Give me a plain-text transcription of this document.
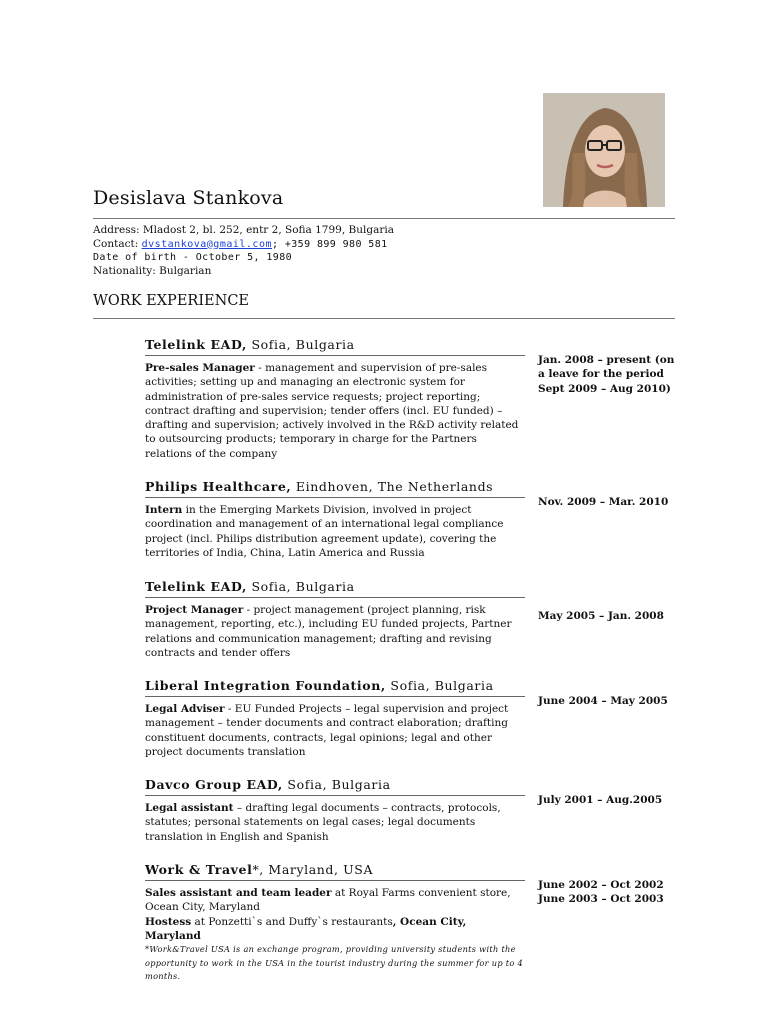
Desislava Stankova
Address: Mladost 2, bl. 252, entr 2, Sofia 1799, Bulgaria
Contact: dvstankova@gmail.com; +359 899 980 581
Date of birth - October 5, 1980
Nationality: Bulgarian
WORK EXPERIENCE
Telelink EAD, Sofia, Bulgaria
Pre-sales Manager - management and supervision of pre-sales activities; setting up and managing an electronic system for administration of pre-sales service requests; project reporting; contract drafting and supervision; tender offers (incl. EU funded) – drafting and supervision; actively involved in the R&D activity related to outsourcing products; temporary in charge for the Partners relations of the company
Jan. 2008 – present (on a leave for the period Sept 2009 – Aug 2010)
Philips Healthcare, Eindhoven, The Netherlands
Intern in the Emerging Markets Division, involved in project coordination and management of an international legal compliance project (incl. Philips distribution agreement update), covering the territories of India, China, Latin America and Russia
Nov. 2009 – Mar. 2010
Telelink EAD, Sofia, Bulgaria
Project Manager - project management (project planning, risk management, reporting, etc.), including EU funded projects, Partner relations and communication management; drafting and revising contracts and tender offers
May 2005 – Jan. 2008
Liberal Integration Foundation, Sofia, Bulgaria
Legal Adviser - EU Funded Projects – legal supervision and project management – tender documents and contract elaboration; drafting constituent documents, contracts, legal opinions; legal and other project documents translation
June 2004 – May 2005
Davco Group EAD, Sofia, Bulgaria
Legal assistant – drafting legal documents – contracts, protocols, statutes; personal statements on legal cases; legal documents translation in English and Spanish
July 2001 – Aug.2005
Work & Travel*, Maryland, USA
Sales assistant and team leader at Royal Farms convenient store, Ocean City, Maryland
Hostess at Ponzetti`s and Duffy`s restaurants, Ocean City, Maryland
*Work&Travel USA is an exchange program, providing university students with the opportunity to work in the USA in the tourist industry during the summer for up to 4 months.
June 2002 – Oct 2002
June 2003 – Oct 2003
